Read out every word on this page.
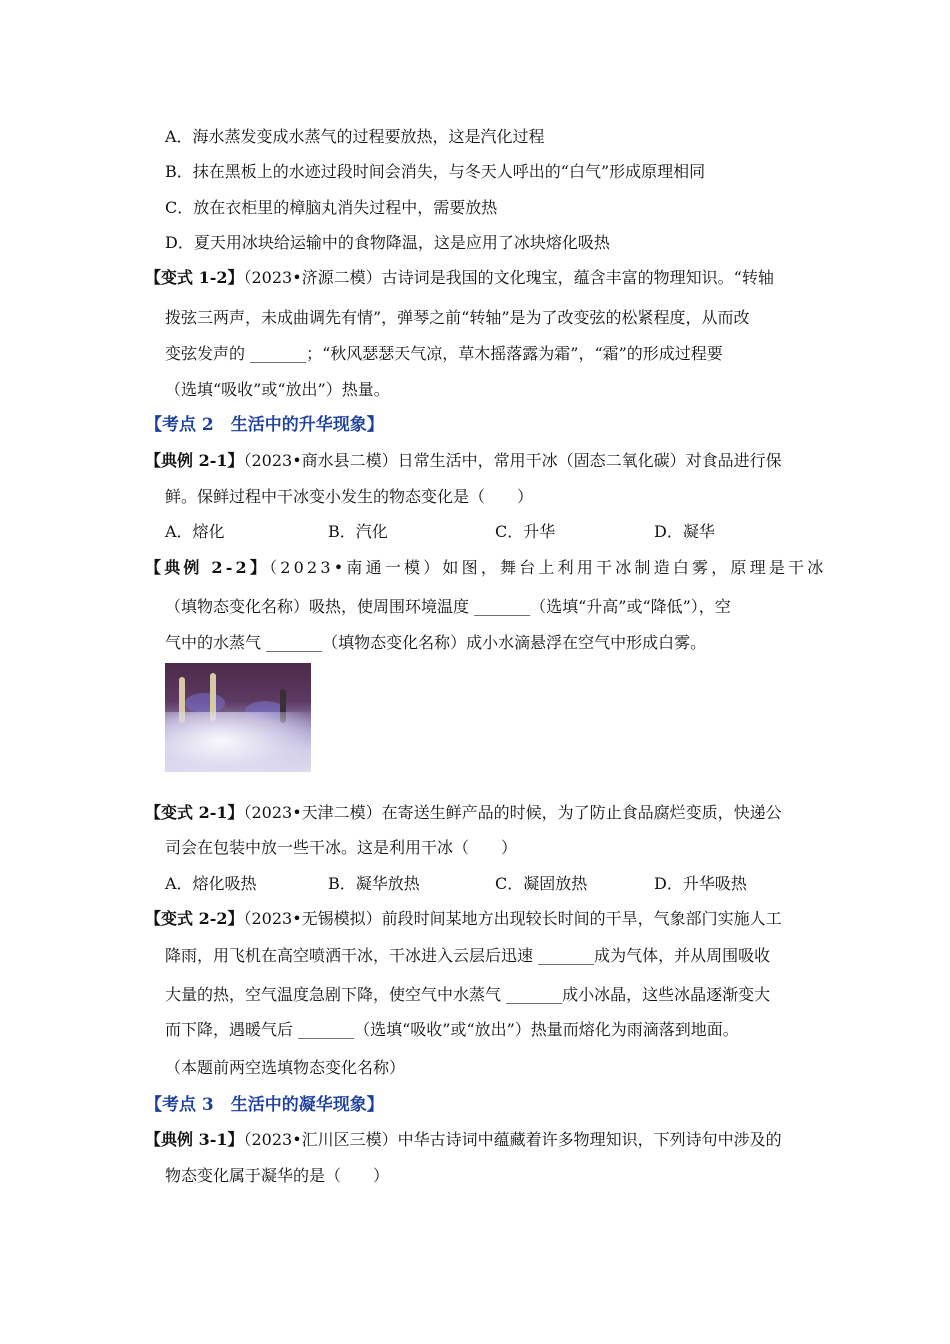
A．海水蒸发变成水蒸气的过程要放热，这是汽化过程
B．抹在黑板上的水迹过段时间会消失，与冬天人呼出的“白气”形成原理相同
C．放在衣柜里的樟脑丸消失过程中，需要放热
D．夏天用冰块给运输中的食物降温，这是应用了冰块熔化吸热
【变式 1-2】（2023•济源二模）古诗词是我国的文化瑰宝，蕴含丰富的物理知识。“转轴
拨弦三两声，未成曲调先有情”，弹琴之前“转轴”是为了改变弦的松紧程度，从而改
变弦发声的 _______；“秋风瑟瑟天气凉，草木摇落露为霜”，“霜”的形成过程要
（选填“吸收”或“放出”）热量。
【考点 2　生活中的升华现象】
【典例 2-1】（2023•商水县二模）日常生活中，常用干冰（固态二氧化碳）对食品进行保
鲜。保鲜过程中干冰变小发生的物态变化是（　　）
A．熔化	B．汽化	C．升华	D．凝华
【典例 2-2】（2023•南通一模）如图，舞台上利用干冰制造白雾，原理是干冰
（填物态变化名称）吸热，使周围环境温度 _______（选填“升高”或“降低”），空
气中的水蒸气 _______（填物态变化名称）成小水滴悬浮在空气中形成白雾。
【变式 2-1】（2023•天津二模）在寄送生鲜产品的时候，为了防止食品腐烂变质，快递公
司会在包装中放一些干冰。这是利用干冰（　　）
A．熔化吸热	B．凝华放热	C．凝固放热	D．升华吸热
【变式 2-2】（2023•无锡模拟）前段时间某地方出现较长时间的干旱，气象部门实施人工
降雨，用飞机在高空喷洒干冰，干冰进入云层后迅速 _______成为气体，并从周围吸收
大量的热，空气温度急剧下降，使空气中水蒸气 _______成小冰晶，这些冰晶逐渐变大
而下降，遇暖气后 _______（选填“吸收”或“放出”）热量而熔化为雨滴落到地面。
（本题前两空选填物态变化名称）
【考点 3　生活中的凝华现象】
【典例 3-1】（2023•汇川区三模）中华古诗词中蕴藏着许多物理知识，下列诗句中涉及的
物态变化属于凝华的是（　　）
